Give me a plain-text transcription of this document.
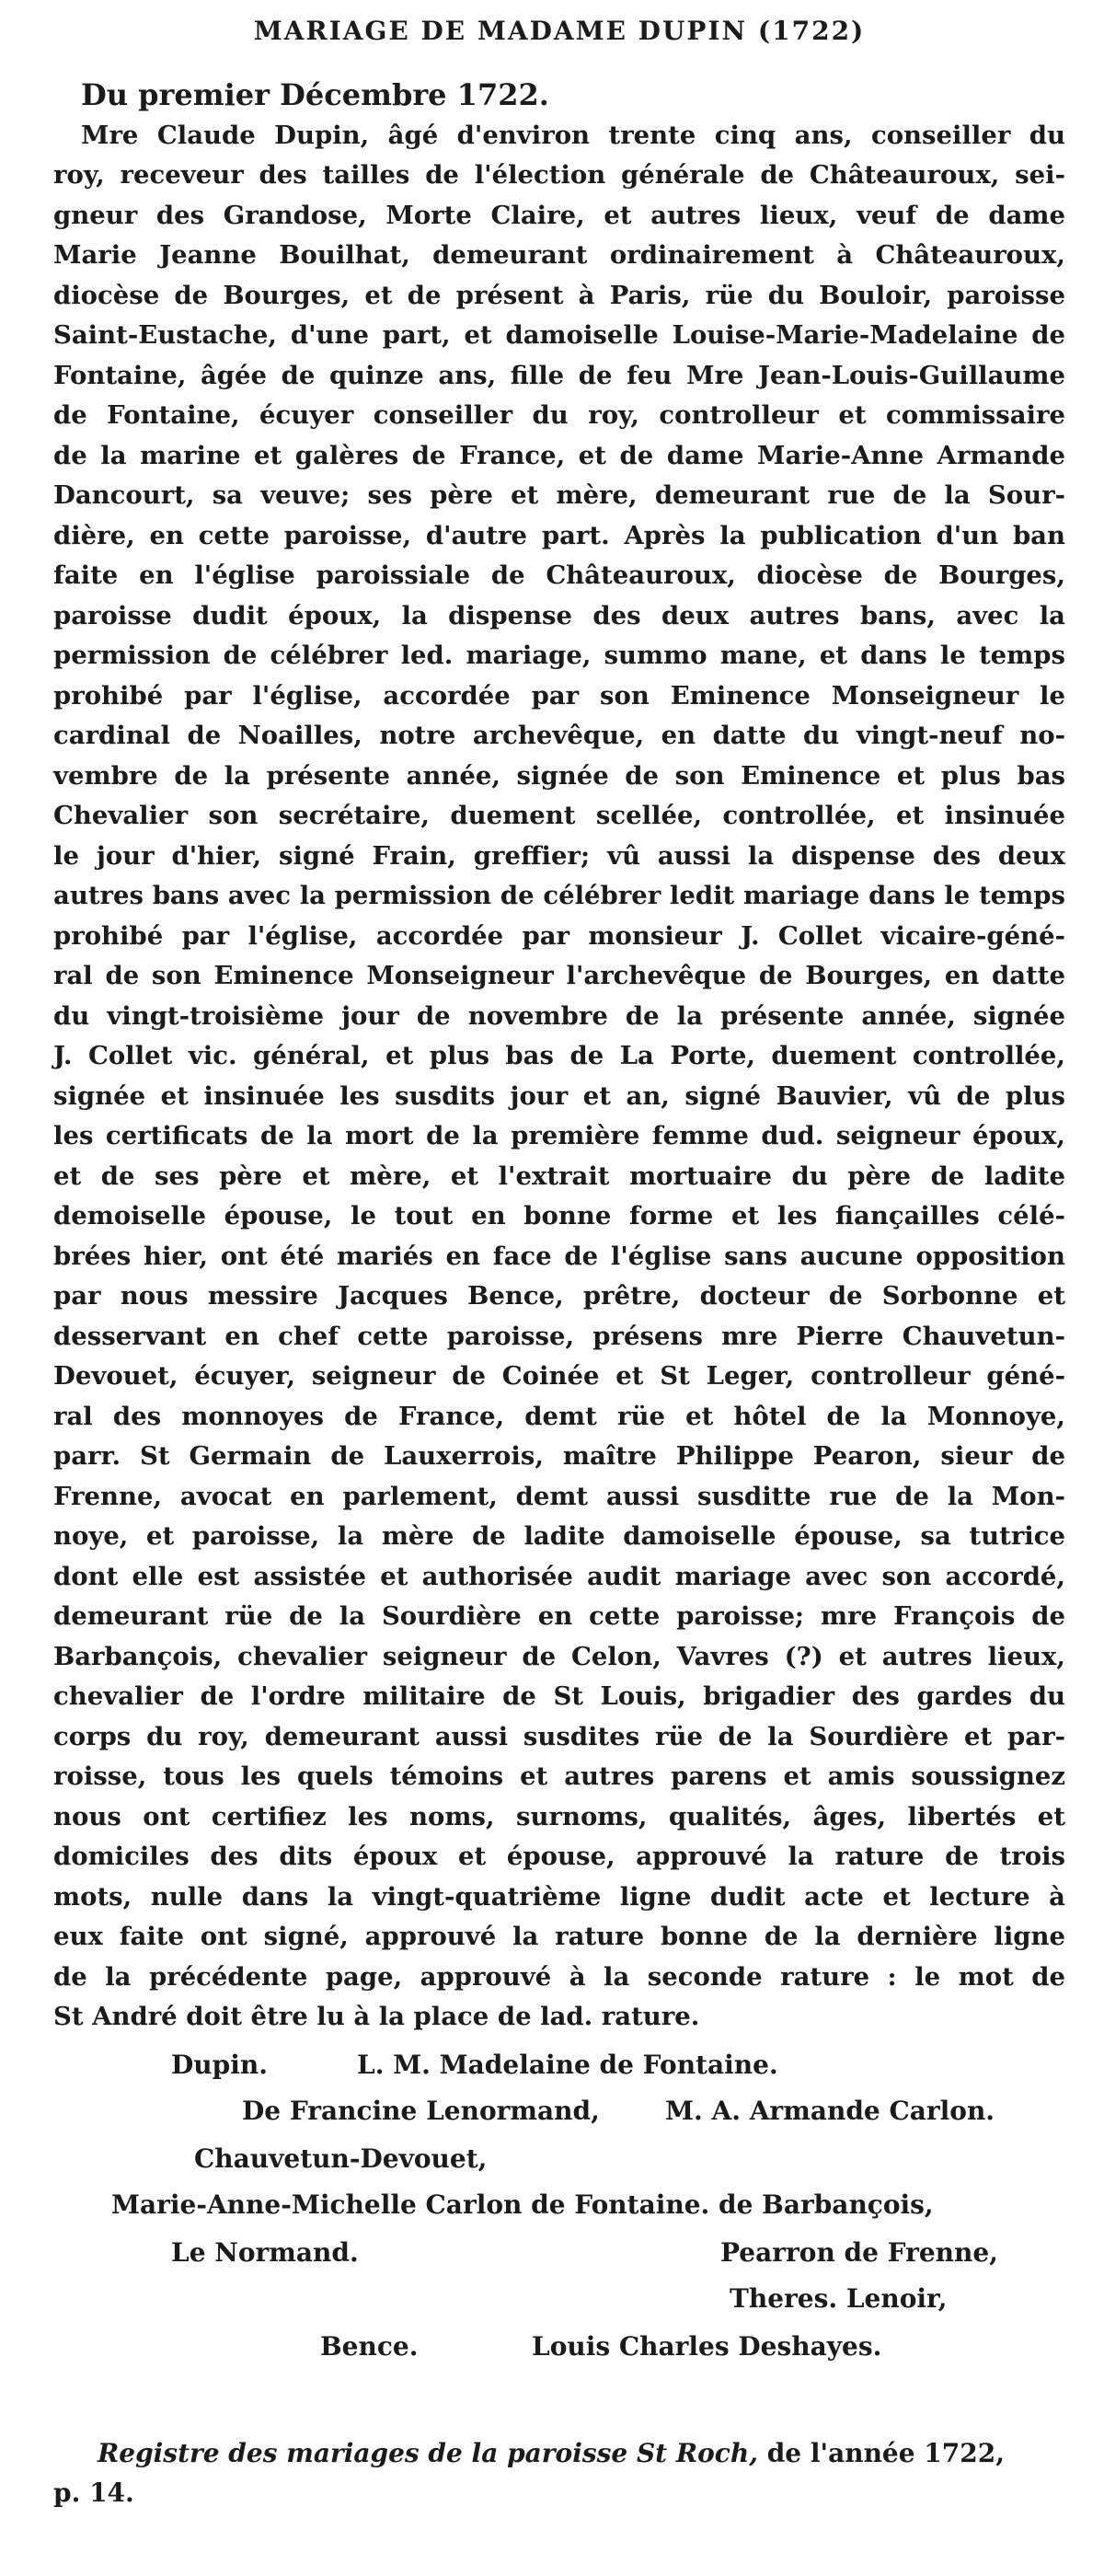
MARIAGE DE MADAME DUPIN (1722)
Du premier Décembre 1722.
Mre Claude Dupin, âgé d'environ trente cinq ans, conseiller du
roy, receveur des tailles de l'élection générale de Châteauroux, sei-
gneur des Grandose, Morte Claire, et autres lieux, veuf de dame
Marie Jeanne Bouilhat, demeurant ordinairement à Châteauroux,
diocèse de Bourges, et de présent à Paris, rüe du Bouloir, paroisse
Saint-Eustache, d'une part, et damoiselle Louise-Marie-Madelaine de
Fontaine, âgée de quinze ans, fille de feu Mre Jean-Louis-Guillaume
de Fontaine, écuyer conseiller du roy, controlleur et commissaire
de la marine et galères de France, et de dame Marie-Anne Armande
Dancourt, sa veuve; ses père et mère, demeurant rue de la Sour-
dière, en cette paroisse, d'autre part. Après la publication d'un ban
faite en l'église paroissiale de Châteauroux, diocèse de Bourges,
paroisse dudit époux, la dispense des deux autres bans, avec la
permission de célébrer led. mariage, summo mane, et dans le temps
prohibé par l'église, accordée par son Eminence Monseigneur le
cardinal de Noailles, notre archevêque, en datte du vingt-neuf no-
vembre de la présente année, signée de son Eminence et plus bas
Chevalier son secrétaire, duement scellée, controllée, et insinuée
le jour d'hier, signé Frain, greffier; vû aussi la dispense des deux
autres bans avec la permission de célébrer ledit mariage dans le temps
prohibé par l'église, accordée par monsieur J. Collet vicaire-géné-
ral de son Eminence Monseigneur l'archevêque de Bourges, en datte
du vingt-troisième jour de novembre de la présente année, signée
J. Collet vic. général, et plus bas de La Porte, duement controllée,
signée et insinuée les susdits jour et an, signé Bauvier, vû de plus
les certificats de la mort de la première femme dud. seigneur époux,
et de ses père et mère, et l'extrait mortuaire du père de ladite
demoiselle épouse, le tout en bonne forme et les fiançailles célé-
brées hier, ont été mariés en face de l'église sans aucune opposition
par nous messire Jacques Bence, prêtre, docteur de Sorbonne et
desservant en chef cette paroisse, présens mre Pierre Chauvetun-
Devouet, écuyer, seigneur de Coinée et St Leger, controlleur géné-
ral des monnoyes de France, demt rüe et hôtel de la Monnoye,
parr. St Germain de Lauxerrois, maître Philippe Pearon, sieur de
Frenne, avocat en parlement, demt aussi susditte rue de la Mon-
noye, et paroisse, la mère de ladite damoiselle épouse, sa tutrice
dont elle est assistée et authorisée audit mariage avec son accordé,
demeurant rüe de la Sourdière en cette paroisse; mre François de
Barbançois, chevalier seigneur de Celon, Vavres (?) et autres lieux,
chevalier de l'ordre militaire de St Louis, brigadier des gardes du
corps du roy, demeurant aussi susdites rüe de la Sourdière et par-
roisse, tous les quels témoins et autres parens et amis soussignez
nous ont certifiez les noms, surnoms, qualités, âges, libertés et
domiciles des dits époux et épouse, approuvé la rature de trois
mots, nulle dans la vingt-quatrième ligne dudit acte et lecture à
eux faite ont signé, approuvé la rature bonne de la dernière ligne
de la précédente page, approuvé à la seconde rature : le mot de
St André doit être lu à la place de lad. rature.
Dupin.	L. M. Madelaine de Fontaine.
De Francine Lenormand,	M. A. Armande Carlon.
Chauvetun-Devouet,
Marie-Anne-Michelle Carlon de Fontaine. de Barbançois,
Le Normand.	Pearron de Frenne,
Theres. Lenoir,
Bence.	Louis Charles Deshayes.
Registre des mariages de la paroisse St Roch, de l'année 1722,
p. 14.
